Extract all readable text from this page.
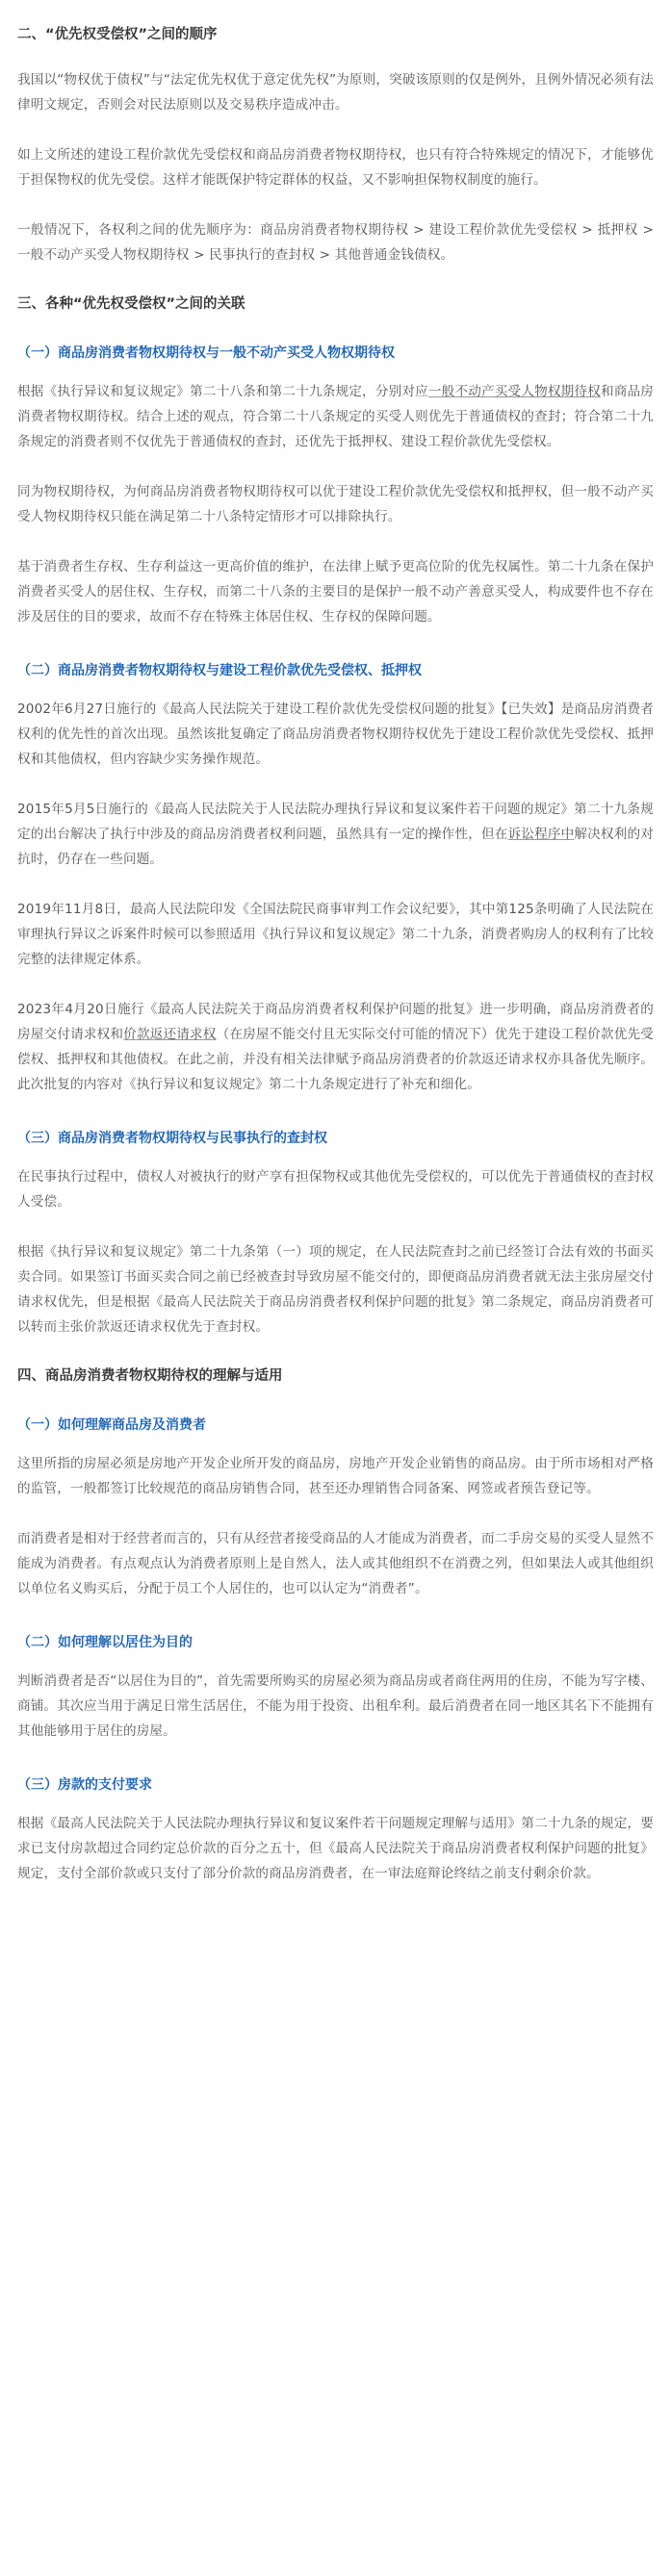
二、“优先权受偿权”之间的顺序

我国以“物权优于债权”与“法定优先权优于意定优先权”为原则，突破该原则的仅是例外，且例外情况必须有法律明文规定，否则会对民法原则以及交易秩序造成冲击。

如上文所述的建设工程价款优先受偿权和商品房消费者物权期待权，也只有符合特殊规定的情况下，才能够优于担保物权的优先受偿。这样才能既保护特定群体的权益，又不影响担保物权制度的施行。

一般情况下，各权利之间的优先顺序为：商品房消费者物权期待权 > 建设工程价款优先受偿权 > 抵押权 > 一般不动产买受人物权期待权 > 民事执行的查封权 > 其他普通金钱债权。

三、各种“优先权受偿权”之间的关联
（一）商品房消费者物权期待权与一般不动产买受人物权期待权

根据《执行异议和复议规定》第二十八条和第二十九条规定，分别对应一般不动产买受人物权期待权和商品房消费者物权期待权。结合上述的观点，符合第二十八条规定的买受人则优先于普通债权的查封；符合第二十九条规定的消费者则不仅优先于普通债权的查封，还优先于抵押权、建设工程价款优先受偿权。

同为物权期待权，为何商品房消费者物权期待权可以优于建设工程价款优先受偿权和抵押权，但一般不动产买受人物权期待权只能在满足第二十八条特定情形才可以排除执行。

基于消费者生存权、生存利益这一更高价值的维护，在法律上赋予更高位阶的优先权属性。第二十九条在保护消费者买受人的居住权、生存权，而第二十八条的主要目的是保护一般不动产善意买受人，构成要件也不存在涉及居住的目的要求，故而不存在特殊主体居住权、生存权的保障问题。

（二）商品房消费者物权期待权与建设工程价款优先受偿权、抵押权

2002年6月27日施行的《最高人民法院关于建设工程价款优先受偿权问题的批复》【已失效】是商品房消费者权利的优先性的首次出现。虽然该批复确定了商品房消费者物权期待权优先于建设工程价款优先受偿权、抵押权和其他债权，但内容缺少实务操作规范。

2015年5月5日施行的《最高人民法院关于人民法院办理执行异议和复议案件若干问题的规定》第二十九条规定的出台解决了执行中涉及的商品房消费者权利问题，虽然具有一定的操作性，但在诉讼程序中解决权利的对抗时，仍存在一些问题。

2019年11月8日，最高人民法院印发《全国法院民商事审判工作会议纪要》，其中第125条明确了人民法院在审理执行异议之诉案件时候可以参照适用《执行异议和复议规定》第二十九条，消费者购房人的权利有了比较完整的法律规定体系。

2023年4月20日施行《最高人民法院关于商品房消费者权利保护问题的批复》进一步明确，商品房消费者的房屋交付请求权和价款返还请求权（在房屋不能交付且无实际交付可能的情况下）优先于建设工程价款优先受偿权、抵押权和其他债权。在此之前，并没有相关法律赋予商品房消费者的价款返还请求权亦具备优先顺序。此次批复的内容对《执行异议和复议规定》第二十九条规定进行了补充和细化。

（三）商品房消费者物权期待权与民事执行的查封权

在民事执行过程中，债权人对被执行的财产享有担保物权或其他优先受偿权的，可以优先于普通债权的查封权人受偿。

根据《执行异议和复议规定》第二十九条第（一）项的规定，在人民法院查封之前已经签订合法有效的书面买卖合同。如果签订书面买卖合同之前已经被查封导致房屋不能交付的，即便商品房消费者就无法主张房屋交付请求权优先，但是根据《最高人民法院关于商品房消费者权利保护问题的批复》第二条规定，商品房消费者可以转而主张价款返还请求权优先于查封权。

四、商品房消费者物权期待权的理解与适用
（一）如何理解商品房及消费者

这里所指的房屋必须是房地产开发企业所开发的商品房，房地产开发企业销售的商品房。由于所市场相对严格的监管，一般都签订比较规范的商品房销售合同，甚至还办理销售合同备案、网签或者预告登记等。

而消费者是相对于经营者而言的，只有从经营者接受商品的人才能成为消费者，而二手房交易的买受人显然不能成为消费者。有点观点认为消费者原则上是自然人，法人或其他组织不在消费之列，但如果法人或其他组织以单位名义购买后，分配于员工个人居住的，也可以认定为“消费者”。

（二）如何理解以居住为目的

判断消费者是否“以居住为目的”，首先需要所购买的房屋必须为商品房或者商住两用的住房，不能为写字楼、商铺。其次应当用于满足日常生活居住，不能为用于投资、出租牟利。最后消费者在同一地区其名下不能拥有其他能够用于居住的房屋。

（三）房款的支付要求

根据《最高人民法院关于人民法院办理执行异议和复议案件若干问题规定理解与适用》第二十九条的规定，要求已支付房款超过合同约定总价款的百分之五十，但《最高人民法院关于商品房消费者权利保护问题的批复》规定，支付全部价款或只支付了部分价款的商品房消费者，在一审法庭辩论终结之前支付剩余价款。
